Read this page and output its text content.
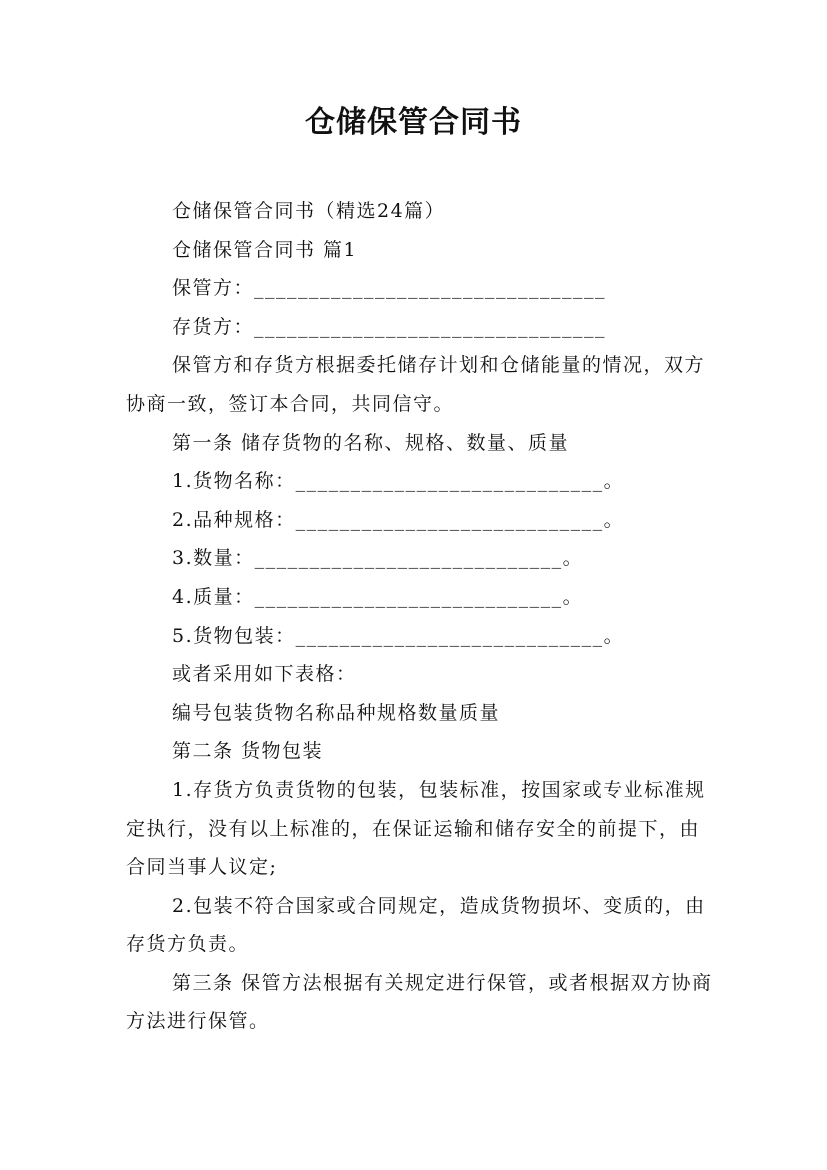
仓储保管合同书

仓储保管合同书（精选24篇）

仓储保管合同书 篇1

保管方：________________________________

存货方：________________________________

保管方和存货方根据委托储存计划和仓储能量的情况，双方协商一致，签订本合同，共同信守。

第一条 储存货物的名称、规格、数量、质量

1.货物名称：____________________________。

2.品种规格：____________________________。

3.数量：____________________________。

4.质量：____________________________。

5.货物包装：____________________________。

或者采用如下表格：

编号包装货物名称品种规格数量质量

第二条 货物包装

1.存货方负责货物的包装，包装标准，按国家或专业标准规定执行，没有以上标准的，在保证运输和储存安全的前提下，由合同当事人议定;

2.包装不符合国家或合同规定，造成货物损坏、变质的，由存货方负责。

第三条 保管方法根据有关规定进行保管，或者根据双方协商方法进行保管。
